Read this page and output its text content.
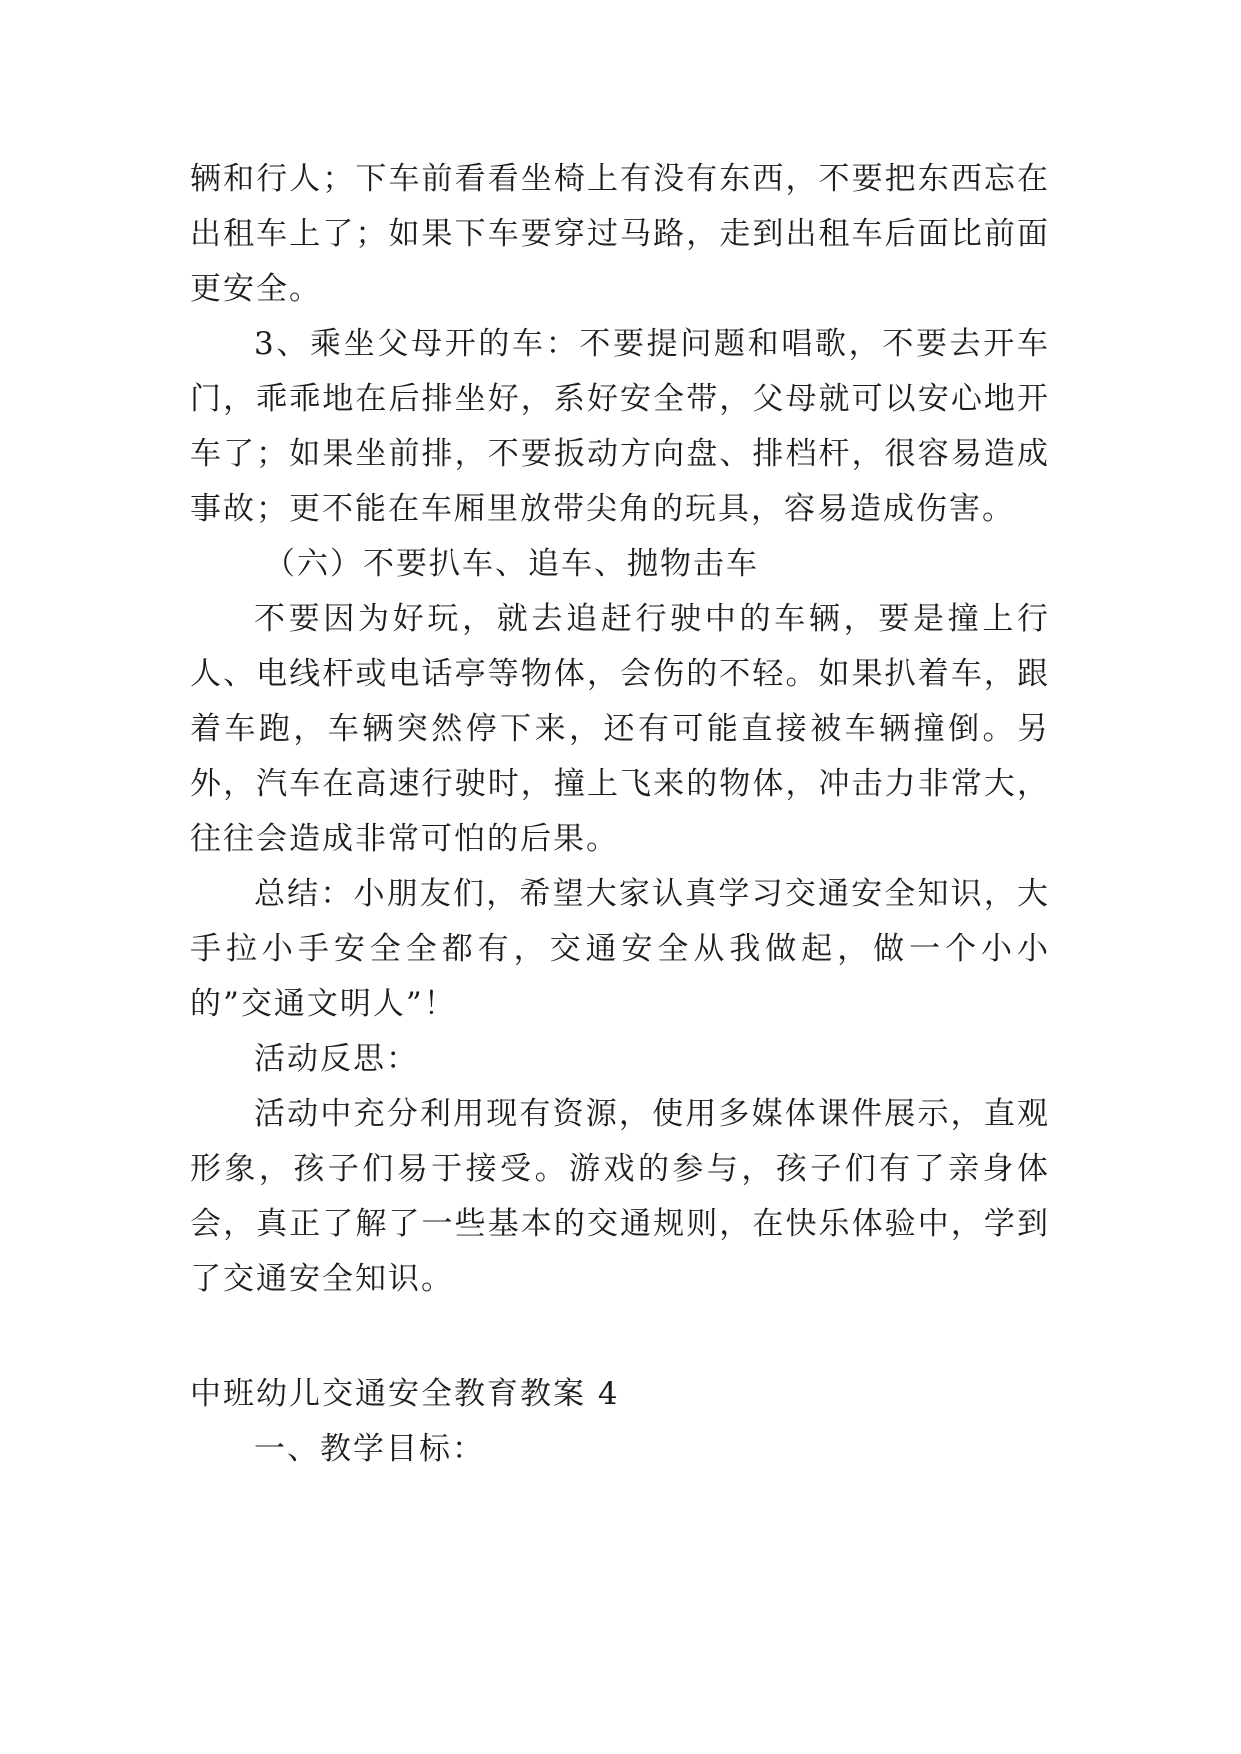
辆和行人；下车前看看坐椅上有没有东西，不要把东西忘在出租车上了；如果下车要穿过马路，走到出租车后面比前面更安全。

3、乘坐父母开的车：不要提问题和唱歌，不要去开车门，乖乖地在后排坐好，系好安全带，父母就可以安心地开车了；如果坐前排，不要扳动方向盘、排档杆，很容易造成事故；更不能在车厢里放带尖角的玩具，容易造成伤害。

（六）不要扒车、追车、抛物击车

不要因为好玩，就去追赶行驶中的车辆，要是撞上行人、电线杆或电话亭等物体，会伤的不轻。如果扒着车，跟着车跑，车辆突然停下来，还有可能直接被车辆撞倒。另外，汽车在高速行驶时，撞上飞来的物体，冲击力非常大，往往会造成非常可怕的后果。

总结：小朋友们，希望大家认真学习交通安全知识，大手拉小手安全全都有，交通安全从我做起，做一个小小的”交通文明人”！

活动反思：

活动中充分利用现有资源，使用多媒体课件展示，直观形象，孩子们易于接受。游戏的参与，孩子们有了亲身体会，真正了解了一些基本的交通规则，在快乐体验中，学到了交通安全知识。

中班幼儿交通安全教育教案 4

一、教学目标：
